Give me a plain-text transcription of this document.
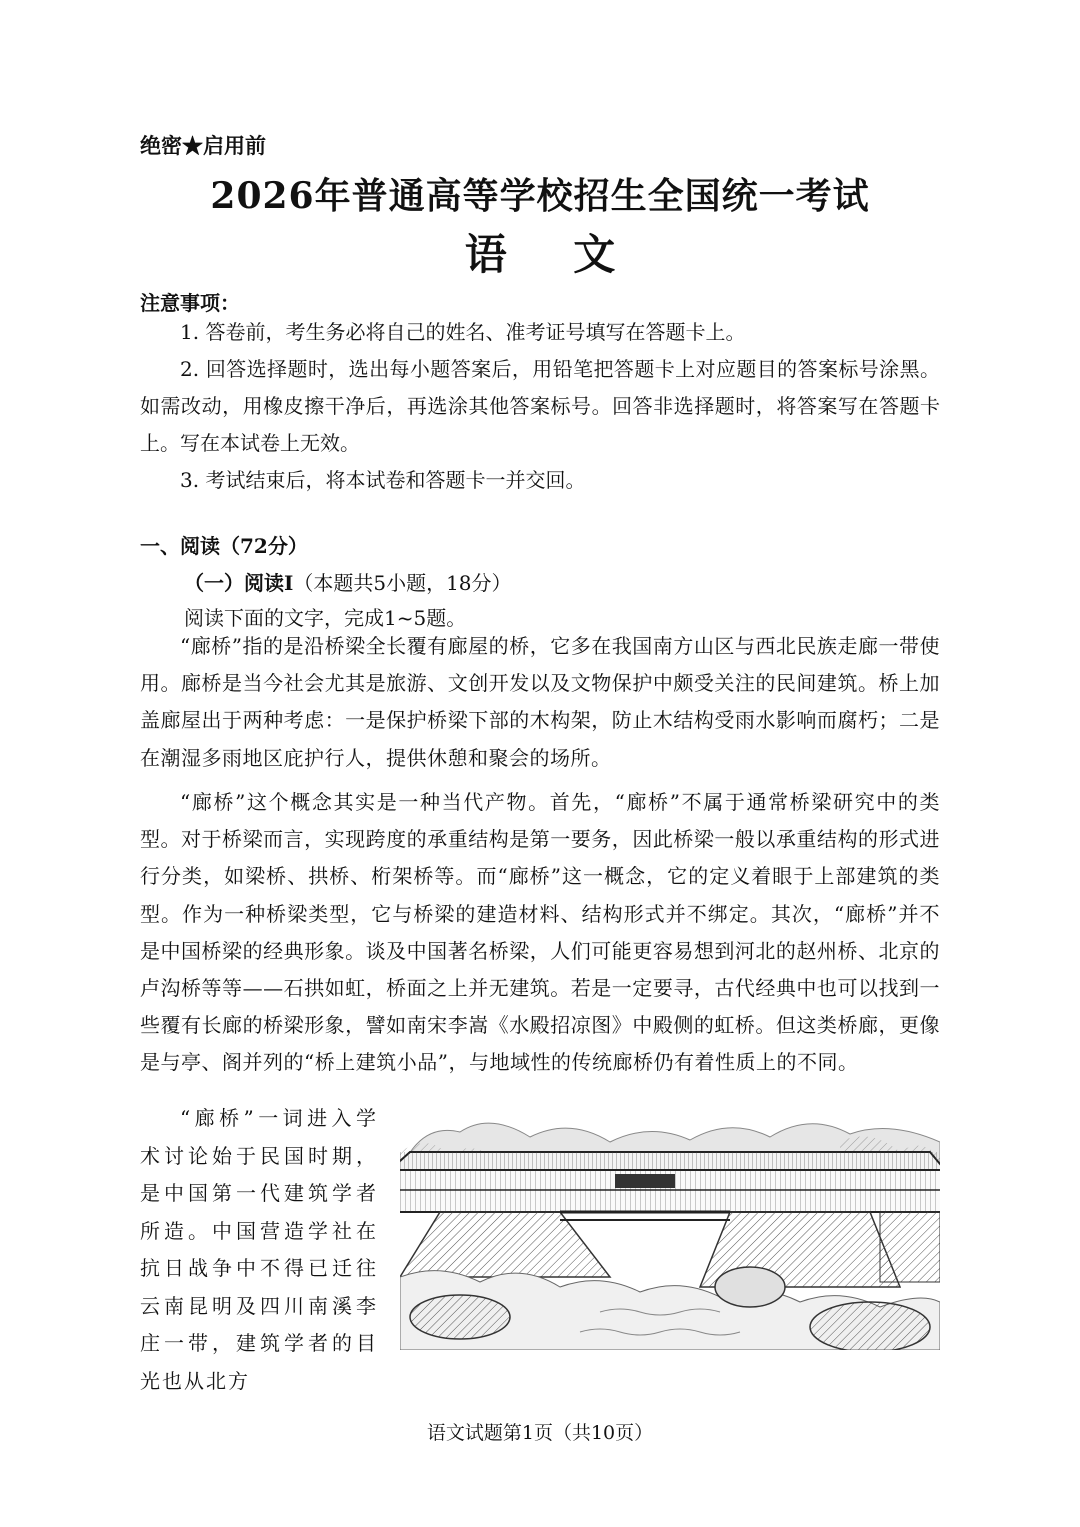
绝密★启用前
2026年普通高等学校招生全国统一考试
语 文
注意事项：
1. 答卷前，考生务必将自己的姓名、准考证号填写在答题卡上。
2. 回答选择题时，选出每小题答案后，用铅笔把答题卡上对应题目的答案标号涂黑。如需改动，用橡皮擦干净后，再选涂其他答案标号。回答非选择题时，将答案写在答题卡上。写在本试卷上无效。
3. 考试结束后，将本试卷和答题卡一并交回。
一、阅读（72分）
（一）阅读Ⅰ（本题共5小题，18分）
阅读下面的文字，完成1~5题。
“廊桥”指的是沿桥梁全长覆有廊屋的桥，它多在我国南方山区与西北民族走廊一带使用。廊桥是当今社会尤其是旅游、文创开发以及文物保护中颇受关注的民间建筑。桥上加盖廊屋出于两种考虑：一是保护桥梁下部的木构架，防止木结构受雨水影响而腐朽；二是在潮湿多雨地区庇护行人，提供休憩和聚会的场所。
“廊桥”这个概念其实是一种当代产物。首先，“廊桥”不属于通常桥梁研究中的类型。对于桥梁而言，实现跨度的承重结构是第一要务，因此桥梁一般以承重结构的形式进行分类，如梁桥、拱桥、桁架桥等。而“廊桥”这一概念，它的定义着眼于上部建筑的类型。作为一种桥梁类型，它与桥梁的建造材料、结构形式并不绑定。其次，“廊桥”并不是中国桥梁的经典形象。谈及中国著名桥梁，人们可能更容易想到河北的赵州桥、北京的卢沟桥等等——石拱如虹，桥面之上并无建筑。若是一定要寻，古代经典中也可以找到一些覆有长廊的桥梁形象，譬如南宋李嵩《水殿招凉图》中殿侧的虹桥。但这类桥廊，更像是与亭、阁并列的“桥上建筑小品”，与地域性的传统廊桥仍有着性质上的不同。
“廊桥”一词进入学术讨论始于民国时期，是中国第一代建筑学者所造。中国营造学社在抗日战争中不得已迁往云南昆明及四川南溪李庄一带，建筑学者的目光也从北方
语文试题第1页（共10页）
